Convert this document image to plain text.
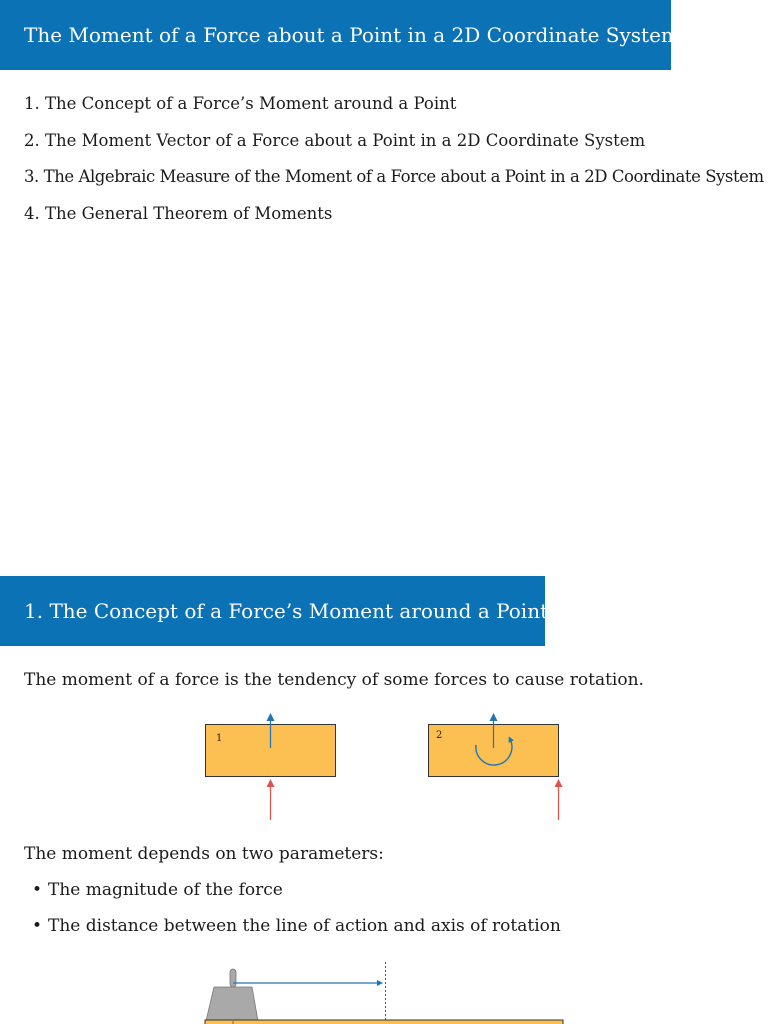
The Moment of a Force about a Point in a 2D Coordinate System
1. The Concept of a Force’s Moment around a Point
2. The Moment Vector of a Force about a Point in a 2D Coordinate System
3. The Algebraic Measure of the Moment of a Force about a Point in a 2D Coordinate System
4. The General Theorem of Moments
1. The Concept of a Force’s Moment around a Point

The moment of a force is the tendency of some forces to cause rotation.

1	2

The moment depends on two parameters:

• The magnitude of the force
• The distance between the line of action and axis of rotation
